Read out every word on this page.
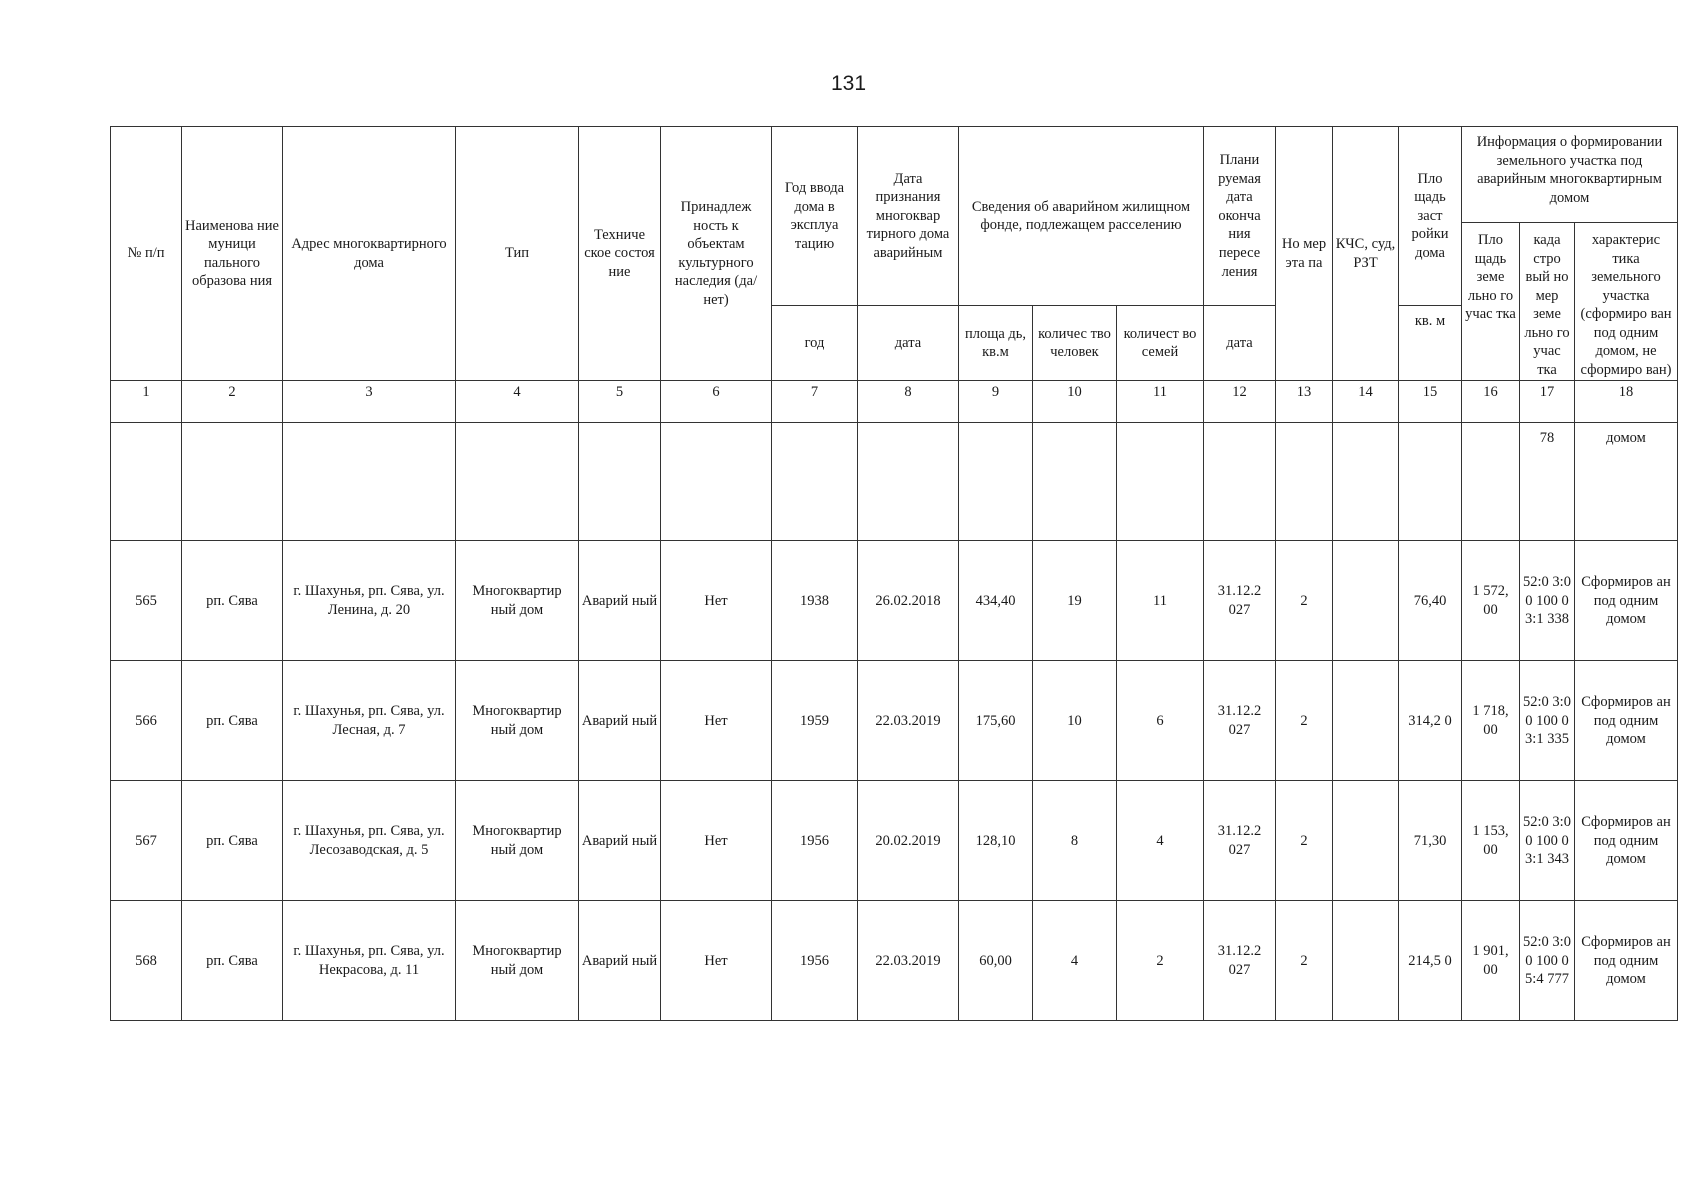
131
№ п/п	Наименова ние муници пального образова ния	Адрес многоквартирного дома	Тип	Техниче ское состоя ние	Принадлеж ность к объектам культурного наследия (да/нет)	Год ввода дома в эксплуа тацию	Дата признания многоквар тирного дома аварийным	Сведения об аварийном жилищном фонде, подлежащем расселению			Плани руемая дата оконча ния пересе ления	Но мер эта па	КЧС, суд, РЗТ	Пло щадь заст ройки дома	Информация о формировании земельного участка под аварийным многоквартирным домом		
															Пло щадь земе льно го учас тка	када стро вый но мер земе льно го учас тка	характерис тика земельного участка (сформиро ван под одним домом, не сформиро ван)
						год	дата	площа дь, кв.м	количес тво человек	количест во семей	дата			кв. м			
1	2	3	4	5	6	7	8	9	10	11	12	13	14	15	16	17	18
																78	домом
565	рп. Сява	г. Шахунья, рп. Сява, ул. Ленина, д. 20	Многоквартир ный дом	Аварий ный	Нет	1938	26.02.2018	434,40	19	11	31.12.2 027	2		76,40	1 572, 00	52:0 3:00 100 03:1 338	Сформиров ан под одним домом
566	рп. Сява	г. Шахунья, рп. Сява, ул. Лесная, д. 7	Многоквартир ный дом	Аварий ный	Нет	1959	22.03.2019	175,60	10	6	31.12.2 027	2		314,2 0	1 718, 00	52:0 3:00 100 03:1 335	Сформиров ан под одним домом
567	рп. Сява	г. Шахунья, рп. Сява, ул. Лесозаводская, д. 5	Многоквартир ный дом	Аварий ный	Нет	1956	20.02.2019	128,10	8	4	31.12.2 027	2		71,30	1 153, 00	52:0 3:00 100 03:1 343	Сформиров ан под одним домом
568	рп. Сява	г. Шахунья, рп. Сява, ул. Некрасова, д. 11	Многоквартир ный дом	Аварий ный	Нет	1956	22.03.2019	60,00	4	2	31.12.2 027	2		214,5 0	1 901, 00	52:0 3:00 100 05:4 777	Сформиров ан под одним домом
